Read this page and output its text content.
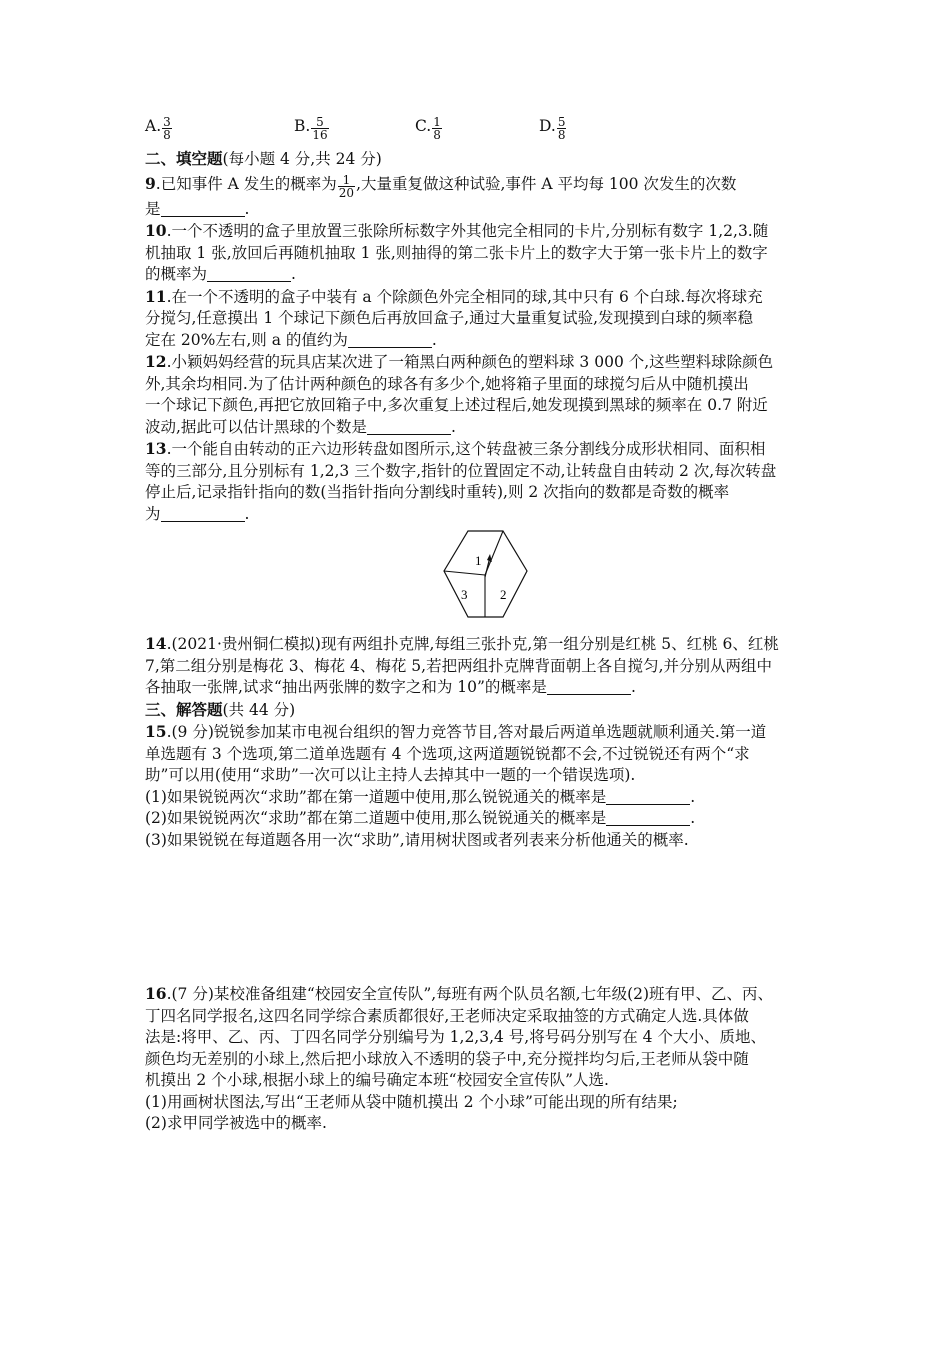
A. $\frac{3}{8}$	B. $\frac{5}{16}$	C. $\frac{1}{8}$	D. $\frac{5}{8}$
二、填空题(每小题 4 分,共 24 分)
9.已知事件 A 发生的概率为 $\frac{1}{20}$ ,大量重复做这种试验,事件 A 平均每 100 次发生的次数
是	.
10.一个不透明的盒子里放置三张除所标数字外其他完全相同的卡片,分别标有数字 1,2,3.随
机抽取 1 张,放回后再随机抽取 1 张,则抽得的第二张卡片上的数字大于第一张卡片上的数字
的概率为	.
11.在一个不透明的盒子中装有 a 个除颜色外完全相同的球,其中只有 6 个白球.每次将球充
分搅匀,任意摸出 1 个球记下颜色后再放回盒子,通过大量重复试验,发现摸到白球的频率稳
定在 20%左右,则 a 的值约为	.
12.小颖妈妈经营的玩具店某次进了一箱黑白两种颜色的塑料球 3 000 个,这些塑料球除颜色
外,其余均相同.为了估计两种颜色的球各有多少个,她将箱子里面的球搅匀后从中随机摸出
一个球记下颜色,再把它放回箱子中,多次重复上述过程后,她发现摸到黑球的频率在 0.7 附近
波动,据此可以估计黑球的个数是	.
13.一个能自由转动的正六边形转盘如图所示,这个转盘被三条分割线分成形状相同、面积相
等的三部分,且分别标有 1,2,3 三个数字,指针的位置固定不动,让转盘自由转动 2 次,每次转盘
停止后,记录指针指向的数(当指针指向分割线时重转),则 2 次指向的数都是奇数的概率
为	.
1
2
3
14.(2021·贵州铜仁模拟)现有两组扑克牌,每组三张扑克,第一组分别是红桃 5、红桃 6、红桃
7,第二组分别是梅花 3、梅花 4、梅花 5,若把两组扑克牌背面朝上各自搅匀,并分别从两组中
各抽取一张牌,试求“抽出两张牌的数字之和为 10”的概率是	.
三、解答题(共 44 分)
15.(9 分)锐锐参加某市电视台组织的智力竞答节目,答对最后两道单选题就顺利通关.第一道
单选题有 3 个选项,第二道单选题有 4 个选项,这两道题锐锐都不会,不过锐锐还有两个“求
助”可以用(使用“求助”一次可以让主持人去掉其中一题的一个错误选项).
(1)如果锐锐两次“求助”都在第一道题中使用,那么锐锐通关的概率是	.
(2)如果锐锐两次“求助”都在第二道题中使用,那么锐锐通关的概率是	.
(3)如果锐锐在每道题各用一次“求助”,请用树状图或者列表来分析他通关的概率.
16.(7 分)某校准备组建“校园安全宣传队”,每班有两个队员名额,七年级(2)班有甲、乙、丙、
丁四名同学报名,这四名同学综合素质都很好,王老师决定采取抽签的方式确定人选.具体做
法是:将甲、乙、丙、丁四名同学分别编号为 1,2,3,4 号,将号码分别写在 4 个大小、质地、
颜色均无差别的小球上,然后把小球放入不透明的袋子中,充分搅拌均匀后,王老师从袋中随
机摸出 2 个小球,根据小球上的编号确定本班“校园安全宣传队”人选.
(1)用画树状图法,写出“王老师从袋中随机摸出 2 个小球”可能出现的所有结果;
(2)求甲同学被选中的概率.
